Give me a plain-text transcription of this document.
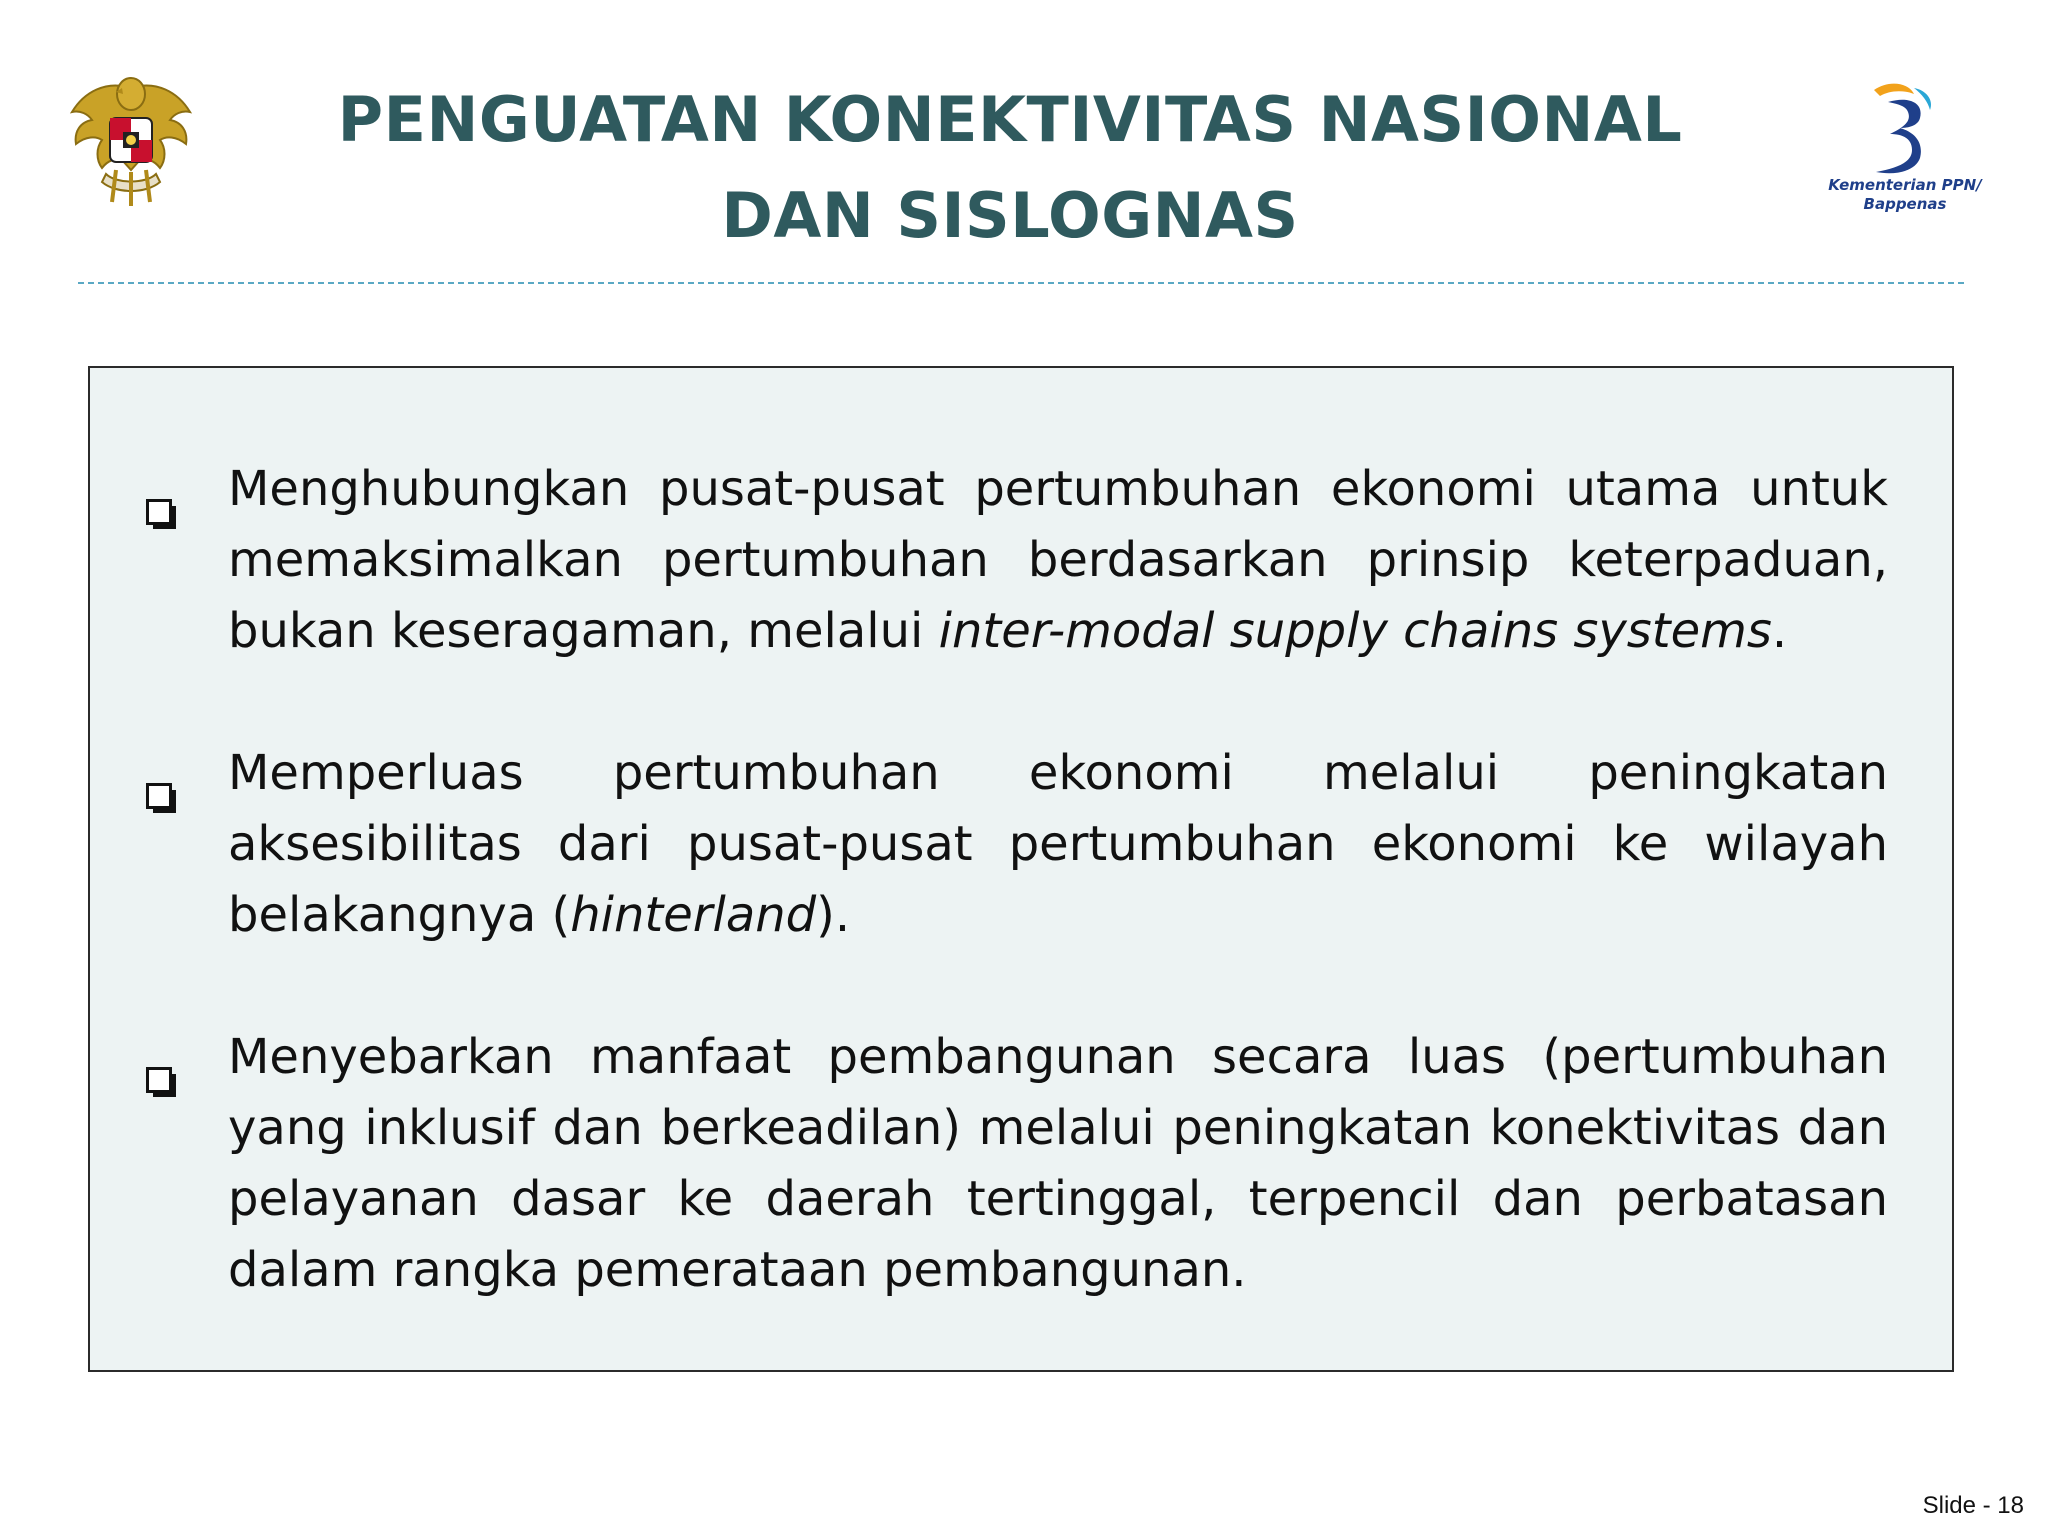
PENGUATAN KONEKTIVITAS NASIONAL
DAN SISLOGNAS	Kementerian PPN/
Bappenas
Menghubungkan pusat-pusat pertumbuhan ekonomi utama untuk memaksimalkan pertumbuhan berdasarkan prinsip keterpaduan, bukan keseragaman, melalui inter-modal supply chains systems.
Memperluas pertumbuhan ekonomi melalui peningkatan aksesibilitas dari pusat-pusat pertumbuhan ekonomi ke wilayah belakangnya (hinterland).
Menyebarkan manfaat pembangunan secara luas (pertumbuhan yang inklusif dan berkeadilan) melalui peningkatan konektivitas dan pelayanan dasar ke daerah tertinggal, terpencil dan perbatasan dalam rangka pemerataan pembangunan.
Slide - 18
